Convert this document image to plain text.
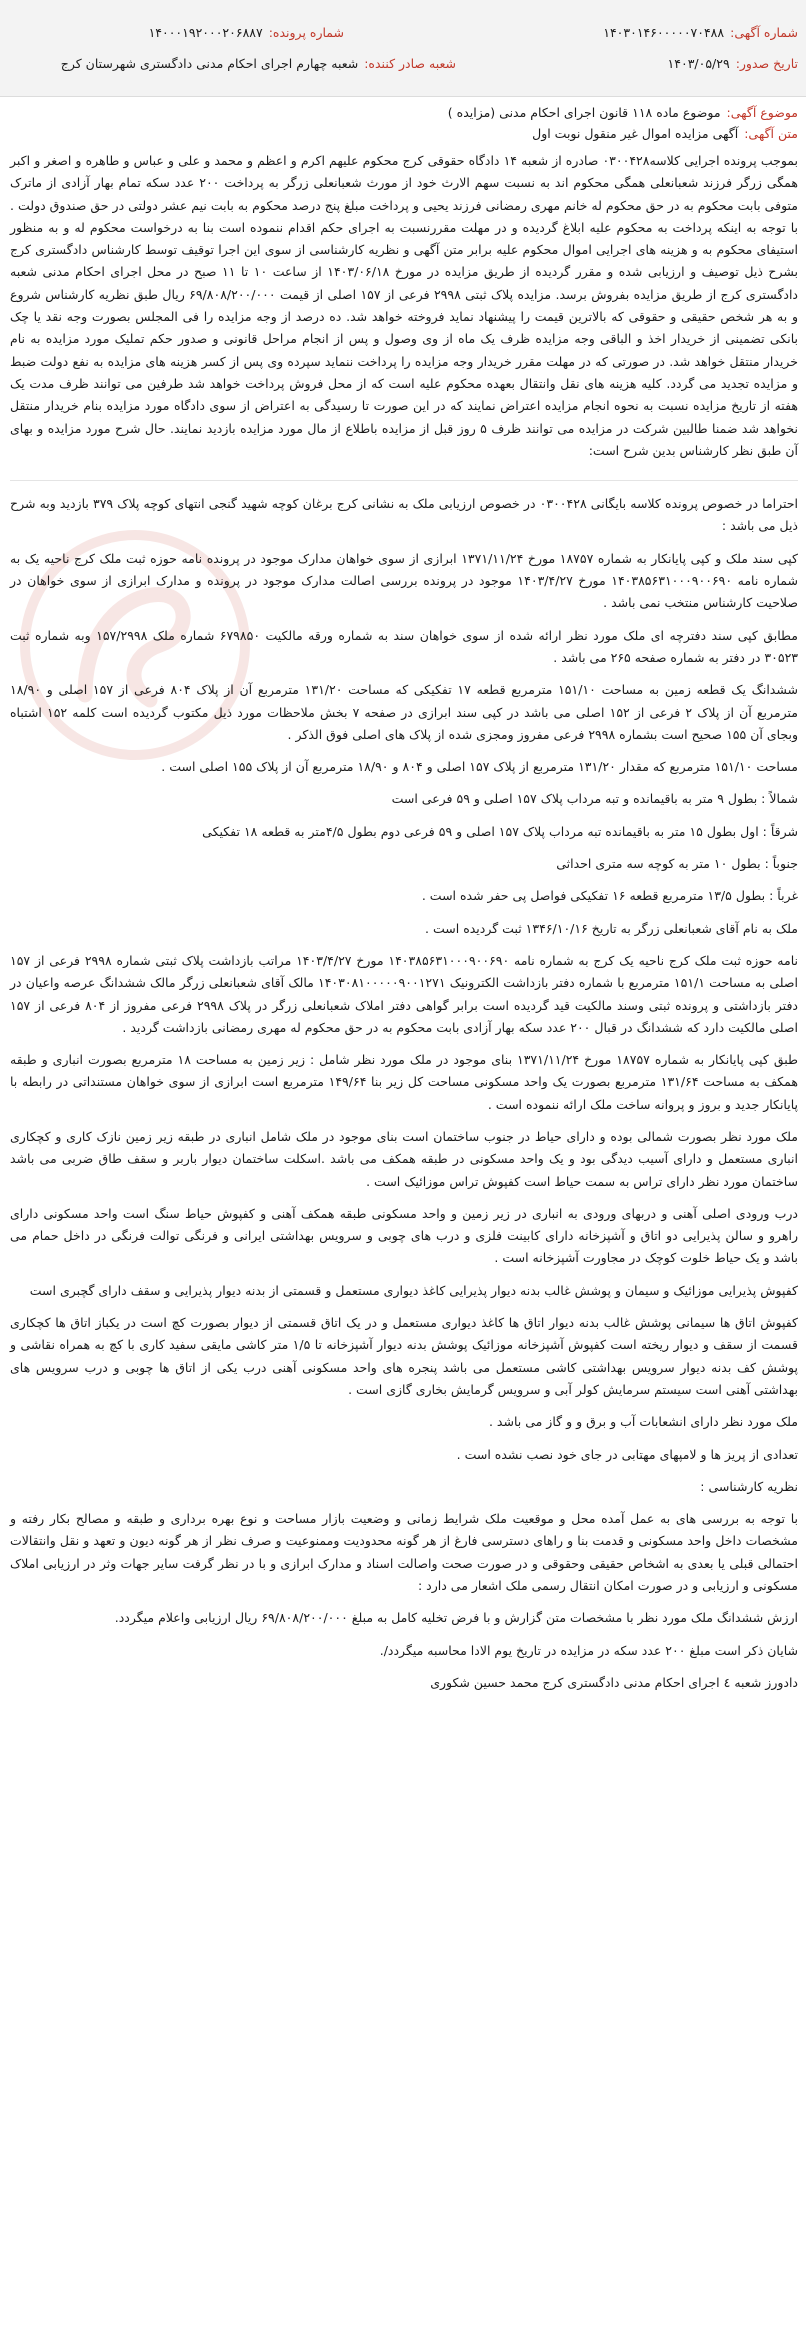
شماره آگهی:۱۴۰۳۰۱۴۶۰۰۰۰۰۷۰۴۸۸
شماره پرونده:۱۴۰۰۰۱۹۲۰۰۰۲۰۶۸۸۷
تاریخ صدور:۱۴۰۳/۰۵/۲۹
شعبه صادر کننده:شعبه چهارم اجرای احکام مدنی دادگستری شهرستان کرج
موضوع آگهی:موضوع ماده ۱۱۸ قانون اجرای احکام مدنی (مزایده )
متن آگهی:آگهی مزایده اموال غیر منقول نوبت اول

بموجب پرونده اجرایی کلاسه۰۳۰۰۴۲۸ صادره از شعبه ۱۴ دادگاه حقوقی کرج محکوم علیهم اکرم و اعظم و محمد و علی و عباس و طاهره و اصغر و اکبر همگی زرگر فرزند شعبانعلی همگی محکوم اند به نسبت سهم الارث خود از مورث شعبانعلی زرگر به پرداخت ۲۰۰ عدد سکه تمام بهار آزادی از ماترک متوفی بابت محکوم به در حق محکوم له خانم مهری رمضانی فرزند یحیی و پرداخت مبلغ پنج درصد محکوم به بابت نیم عشر دولتی در حق صندوق دولت . با توجه به اینکه پرداخت به محکوم علیه ابلاغ گردیده و در مهلت مقررنسبت به اجرای حکم اقدام ننموده است بنا به درخواست محکوم له و به منظور استیفای محکوم به و هزینه های اجرایی اموال محکوم علیه برابر متن آگهی و نظریه کارشناسی از سوی این اجرا توقیف توسط کارشناس دادگستری کرج بشرح ذیل توصیف و ارزیابی شده و مقرر گردیده از طریق مزایده در مورخ ۱۴۰۳/۰۶/۱۸ از ساعت ۱۰ تا ۱۱ صبح در محل اجرای احکام مدنی شعبه دادگستری کرج از طریق مزایده بفروش برسد. مزایده پلاک ثبتی ۲۹۹۸ فرعی از ۱۵۷ اصلی از قیمت ۶۹/۸۰۸/۲۰۰/۰۰۰ ریال طبق نظریه کارشناس شروع و به هر شخص حقیقی و حقوقی که بالاترین قیمت را پیشنهاد نماید فروخته خواهد شد. ده درصد از وجه مزایده را فی المجلس بصورت وجه نقد یا چک بانکی تضمینی از خریدار اخذ و الباقی وجه مزایده ظرف یک ماه از وی وصول و پس از انجام مراحل قانونی و صدور حکم تملیک مورد مزایده به نام خریدار منتقل خواهد شد. در صورتی که در مهلت مقرر خریدار وجه مزایده را پرداخت ننماید سپرده وی پس از کسر هزینه های مزایده به نفع دولت ضبط و مزایده تجدید می گردد. کلیه هزینه های نقل وانتقال بعهده محکوم علیه است که از محل فروش پرداخت خواهد شد طرفین می توانند ظرف مدت یک هفته از تاریخ مزایده نسبت به نحوه انجام مزایده اعتراض نمایند که در این صورت تا رسیدگی به اعتراض از سوی دادگاه مورد مزایده بنام خریدار منتقل نخواهد شد ضمنا طالبین شرکت در مزایده می توانند ظرف ۵ روز قبل از مزایده باطلاع از مال مورد مزایده بازدید نمایند. حال شرح مورد مزایده و بهای آن طبق نظر کارشناس بدین شرح است:

احتراما در خصوص پرونده کلاسه بایگانی ۰۳۰۰۴۲۸ در خصوص ارزیابی ملک به نشانی کرج برغان کوچه شهید گنجی انتهای کوچه پلاک ۳۷۹ بازدید وبه شرح ذیل می باشد :

کپی سند ملک و کپی پایانکار به شماره ۱۸۷۵۷ مورخ ۱۳۷۱/۱۱/۲۴ ابرازی از سوی خواهان مدارک موجود در پرونده نامه حوزه ثبت ملک کرج ناحیه یک به شماره نامه ۱۴۰۳۸۵۶۳۱۰۰۰۹۰۰۶۹۰ مورخ ۱۴۰۳/۴/۲۷ موجود در پرونده بررسی اصالت مدارک موجود در پرونده و مدارک ابرازی از سوی خواهان در صلاحیت کارشناس منتخب نمی باشد .

مطابق کپی سند دفترچه ای ملک مورد نظر ارائه شده از سوی خواهان سند به شماره ورقه مالکیت ۶۷۹۸۵۰ شماره ملک ۱۵۷/۲۹۹۸ وبه شماره ثبت ۳۰۵۲۳ در دفتر به شماره صفحه ۲۶۵ می باشد .

ششدانگ یک قطعه زمین به مساحت ۱۵۱/۱۰ مترمربع قطعه ۱۷ تفکیکی که مساحت ۱۳۱/۲۰ مترمربع آن از پلاک ۸۰۴ فرعی از ۱۵۷ اصلی و ۱۸/۹۰ مترمربع آن از پلاک ۲ فرعی از ۱۵۲ اصلی می باشد در کپی سند ابرازی در صفحه ۷ بخش ملاحظات مورد ذیل مکتوب گردیده است کلمه ۱۵۲ اشتباه وبجای آن ۱۵۵ صحیح است بشماره ۲۹۹۸ فرعی مفروز ومجزی شده از پلاک های اصلی فوق الذکر .

مساحت ۱۵۱/۱۰ مترمربع که مقدار ۱۳۱/۲۰ مترمربع از پلاک ۱۵۷ اصلی و ۸۰۴ و ۱۸/۹۰ مترمربع آن از پلاک ۱۵۵ اصلی است .

شمالاً : بطول ۹ متر به باقیمانده و تبه مرداب پلاک ۱۵۷ اصلی و ۵۹ فرعی است

شرقاً : اول بطول ۱۵ متر به باقیمانده تبه مرداب پلاک ۱۵۷ اصلی و ۵۹ فرعی دوم بطول ۴/۵متر به قطعه ۱۸ تفکیکی

جنوباً : بطول ۱۰ متر به کوچه سه متری احداثی

غرباً : بطول ۱۳/۵ مترمربع قطعه ۱۶ تفکیکی فواصل پی حفر شده است .

ملک به نام آقای شعبانعلی زرگر به تاریخ ۱۳۴۶/۱۰/۱۶ ثبت گردیده است .

نامه حوزه ثبت ملک کرج ناحیه یک کرج به شماره نامه ۱۴۰۳۸۵۶۳۱۰۰۰۹۰۰۶۹۰ مورخ ۱۴۰۳/۴/۲۷ مراتب بازداشت پلاک ثبتی شماره ۲۹۹۸ فرعی از ۱۵۷ اصلی به مساحت ۱۵۱/۱ مترمربع با شماره دفتر بازداشت الکترونیک ۱۴۰۳۰۸۱۰۰۰۰۰۹۰۰۱۲۷۱ مالک آقای شعبانعلی زرگر مالک ششدانگ عرصه واعیان در دفتر بازداشتی و پرونده ثبتی وسند مالکیت قید گردیده است برابر گواهی دفتر املاک شعبانعلی زرگر در پلاک ۲۹۹۸ فرعی مفروز از ۸۰۴ فرعی از ۱۵۷ اصلی مالکیت دارد که ششدانگ در قبال ۲۰۰ عدد سکه بهار آزادی بابت محکوم به در حق محکوم له مهری رمضانی بازداشت گردید .

طبق کپی پایانکار به شماره ۱۸۷۵۷ مورخ ۱۳۷۱/۱۱/۲۴ بنای موجود در ملک مورد نظر شامل : زیر زمین به مساحت ۱۸ مترمربع بصورت انباری و طبقه همکف به مساحت ۱۳۱/۶۴ مترمربع بصورت یک واحد مسکونی مساحت کل زیر بنا ۱۴۹/۶۴ مترمربع است ابرازی از سوی خواهان مستنداتی در رابطه با پایانکار جدید و بروز و پروانه ساخت ملک ارائه ننموده است .

ملک مورد نظر بصورت شمالی بوده و دارای حیاط در جنوب ساختمان است بنای موجود در ملک شامل انباری در طبقه زیر زمین نازک کاری و کچکاری انباری مستعمل و دارای آسیب دیدگی بود و یک واحد مسکونی در طبقه همکف می باشد .اسکلت ساختمان دیوار باربر و سقف طاق ضربی می باشد ساختمان مورد نظر دارای تراس به سمت حیاط است کفپوش تراس موزائیک است .

درب ورودی اصلی آهنی و دربهای ورودی به انباری در زیر زمین و واحد مسکونی طبقه همکف آهنی و کفپوش حیاط سنگ است واحد مسکونی دارای راهرو و سالن پذیرایی دو اتاق و آشپزخانه دارای کابینت فلزی و درب های چوبی و سرویس بهداشتی ایرانی و فرنگی توالت فرنگی در داخل حمام می باشد و یک حیاط خلوت کوچک در مجاورت آشپزخانه است .

کفپوش پذیرایی موزائیک و سیمان و پوشش غالب بدنه دیوار پذیرایی کاغذ دیواری مستعمل و قسمتی از بدنه دیوار پذیرایی و سقف دارای گچبری است

کفپوش اتاق ها سیمانی پوشش غالب بدنه دیوار اتاق ها کاغذ دیواری مستعمل و در یک اتاق قسمتی از دیوار بصورت کچ است در یکباز اتاق ها کچکاری قسمت از سقف و دیوار ریخته است کفپوش آشپزخانه موزائیک پوشش بدنه دیوار آشپزخانه تا ۱/۵ متر کاشی مایقی سفید کاری با کچ به همراه نقاشی و پوشش کف بدنه دیوار سرویس بهداشتی کاشی مستعمل می باشد پنجره های واحد مسکونی آهنی درب یکی از اتاق ها چوبی و درب سرویس های بهداشتی آهنی است سیستم سرمایش کولر آبی و سرویس گرمایش بخاری گازی است .

ملک مورد نظر دارای انشعابات آب و برق و و گاز می باشد .

تعدادی از پریز ها و لامپهای مهتابی در جای خود نصب نشده است .

نظریه کارشناسی :

با توجه به بررسی های به عمل آمده محل و موقعیت ملک شرایط زمانی و وضعیت بازار مساحت و نوع بهره برداری و طبقه و مصالح بکار رفته و مشخصات داخل واحد مسکونی و قدمت بنا و راهای دسترسی فارغ از هر گونه محدودیت وممنوعیت و صرف نظر از هر گونه دیون و تعهد و نقل وانتقالات احتمالی قبلی یا بعدی به اشخاص حقیقی وحقوقی و در صورت صحت واصالت اسناد و مدارک ابرازی و با در نظر گرفت سایر جهات وثر در ارزیابی املاک مسکونی و ارزیابی و در صورت امکان انتقال رسمی ملک اشعار می دارد :

ارزش ششدانگ ملک مورد نظر با مشخصات متن گزارش و با فرض تخلیه کامل به مبلغ ۶۹/۸۰۸/۲۰۰/۰۰۰ ریال ارزیابی واعلام میگردد.

شایان ذکر است مبلغ ۲۰۰ عدد سکه در مزایده در تاریخ یوم الادا محاسبه میگردد/.

دادورز شعبه ٤ اجرای احکام مدنی دادگستری کرج محمد حسین شکوری
